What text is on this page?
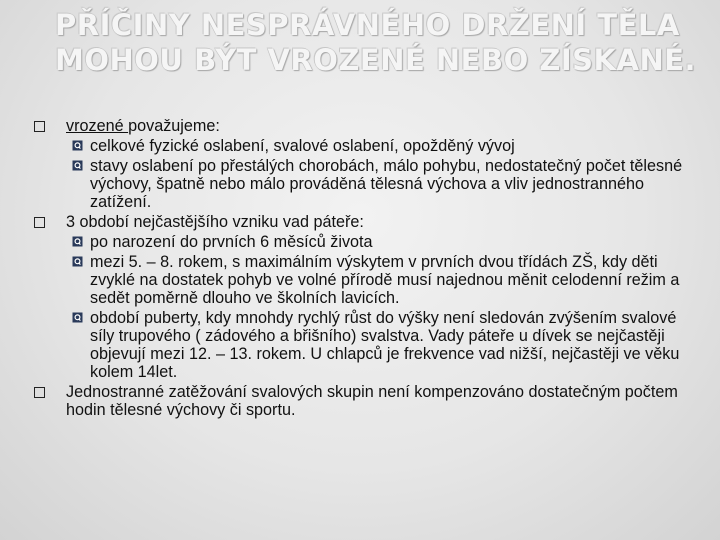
PŘÍČINY NESPRÁVNÉHO DRŽENÍ TĚLA
MOHOU BÝT VROZENÉ NEBO ZÍSKANÉ.
vrozené považujeme:
celkové fyzické oslabení, svalové oslabení, opožděný vývoj
stavy oslabení po přestálých chorobách, málo pohybu, nedostatečný počet tělesné výchovy, špatně nebo málo prováděná tělesná výchova a vliv jednostranného zatížení.
3 období nejčastějšího vzniku vad páteře:
po narození do prvních 6 měsíců života
mezi 5. – 8. rokem, s maximálním výskytem v prvních dvou třídách ZŠ, kdy děti zvyklé na dostatek pohyb ve volné přírodě musí najednou měnit celodenní režim a sedět poměrně dlouho ve školních lavicích.
období puberty, kdy mnohdy rychlý růst do výšky není sledován zvýšením svalové síly trupového ( zádového a břišního) svalstva. Vady páteře u dívek se nejčastěji objevují mezi 12. – 13. rokem. U chlapců je frekvence vad nižší, nejčastěji ve věku kolem 14let.
Jednostranné zatěžování svalových skupin není kompenzováno dostatečným počtem hodin tělesné výchovy či sportu.
